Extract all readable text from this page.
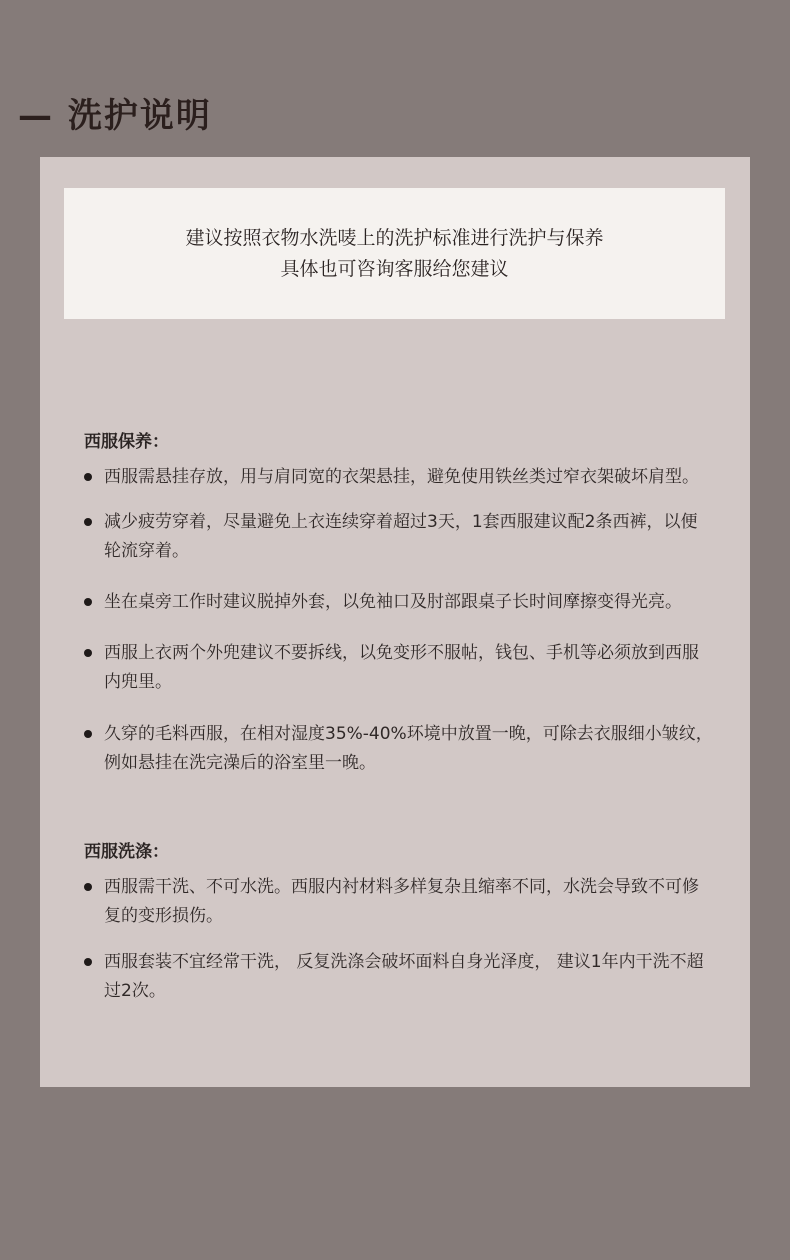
— 洗护说明

建议按照衣物水洗唛上的洗护标准进行洗护与保养

具体也可咨询客服给您建议

西服保养：
西服需悬挂存放，用与肩同宽的衣架悬挂，避免使用铁丝类过窄衣架破坏肩型。
减少疲劳穿着，尽量避免上衣连续穿着超过3天，1套西服建议配2条西裤，以便轮流穿着。
坐在桌旁工作时建议脱掉外套，以免袖口及肘部跟桌子长时间摩擦变得光亮。
西服上衣两个外兜建议不要拆线，以免变形不服帖，钱包、手机等必须放到西服内兜里。
久穿的毛料西服，在相对湿度35%-40%环境中放置一晚，可除去衣服细小皱纹，例如悬挂在洗完澡后的浴室里一晚。
西服洗涤：
西服需干洗、不可水洗。西服内衬材料多样复杂且缩率不同，水洗会导致不可修复的变形损伤。
西服套装不宜经常干洗， 反复洗涤会破坏面料自身光泽度， 建议1年内干洗不超过2次。
